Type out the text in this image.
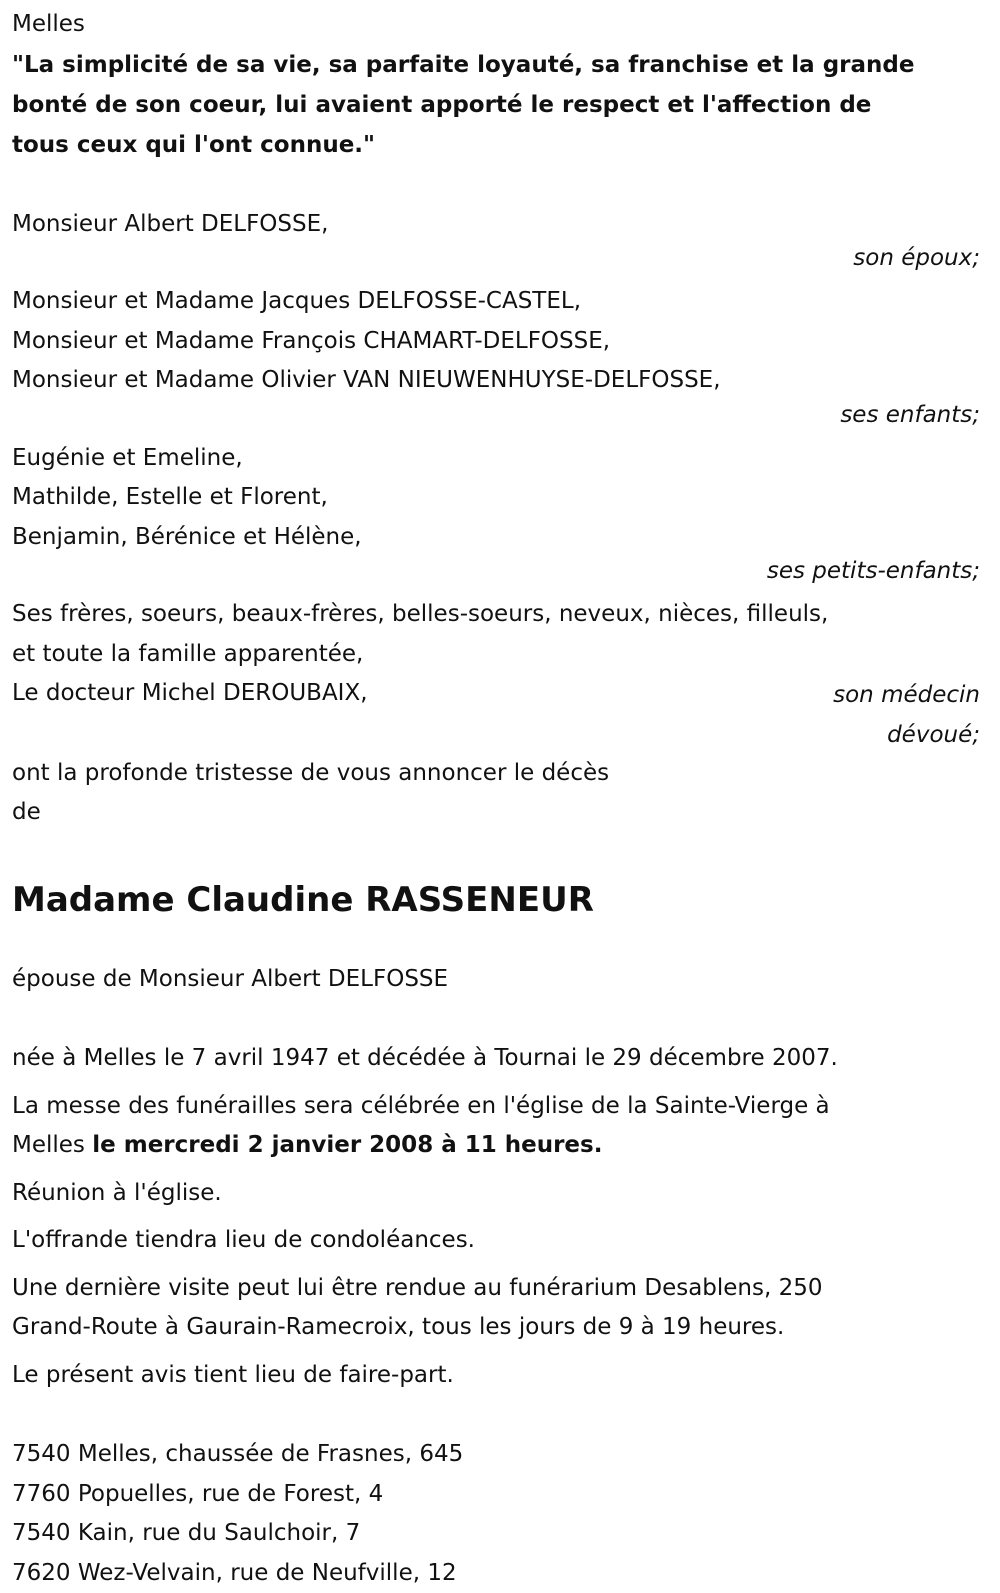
Melles
"La simplicité de sa vie, sa parfaite loyauté, sa franchise et la grande
bonté de son coeur, lui avaient apporté le respect et l'affection de
tous ceux qui l'ont connue."
Monsieur Albert DELFOSSE,
son époux;
Monsieur et Madame Jacques DELFOSSE-CASTEL,
Monsieur et Madame François CHAMART-DELFOSSE,
Monsieur et Madame Olivier VAN NIEUWENHUYSE-DELFOSSE,
ses enfants;
Eugénie et Emeline,
Mathilde, Estelle et Florent,
Benjamin, Bérénice et Hélène,
ses petits-enfants;
Ses frères, soeurs, beaux-frères, belles-soeurs, neveux, nièces, filleuls,
et toute la famille apparentée,
Le docteur Michel DEROUBAIX,	son médecin
dévoué;
ont la profonde tristesse de vous annoncer le décès
de
Madame Claudine RASSENEUR
épouse de Monsieur Albert DELFOSSE
née à Melles le 7 avril 1947 et décédée à Tournai le 29 décembre 2007.
La messe des funérailles sera célébrée en l'église de la Sainte-Vierge à
Melles le mercredi 2 janvier 2008 à 11 heures.
Réunion à l'église.
L'offrande tiendra lieu de condoléances.
Une dernière visite peut lui être rendue au funérarium Desablens, 250
Grand-Route à Gaurain-Ramecroix, tous les jours de 9 à 19 heures.
Le présent avis tient lieu de faire-part.
7540 Melles, chaussée de Frasnes, 645
7760 Popuelles, rue de Forest, 4
7540 Kain, rue du Saulchoir, 7
7620 Wez-Velvain, rue de Neufville, 12
